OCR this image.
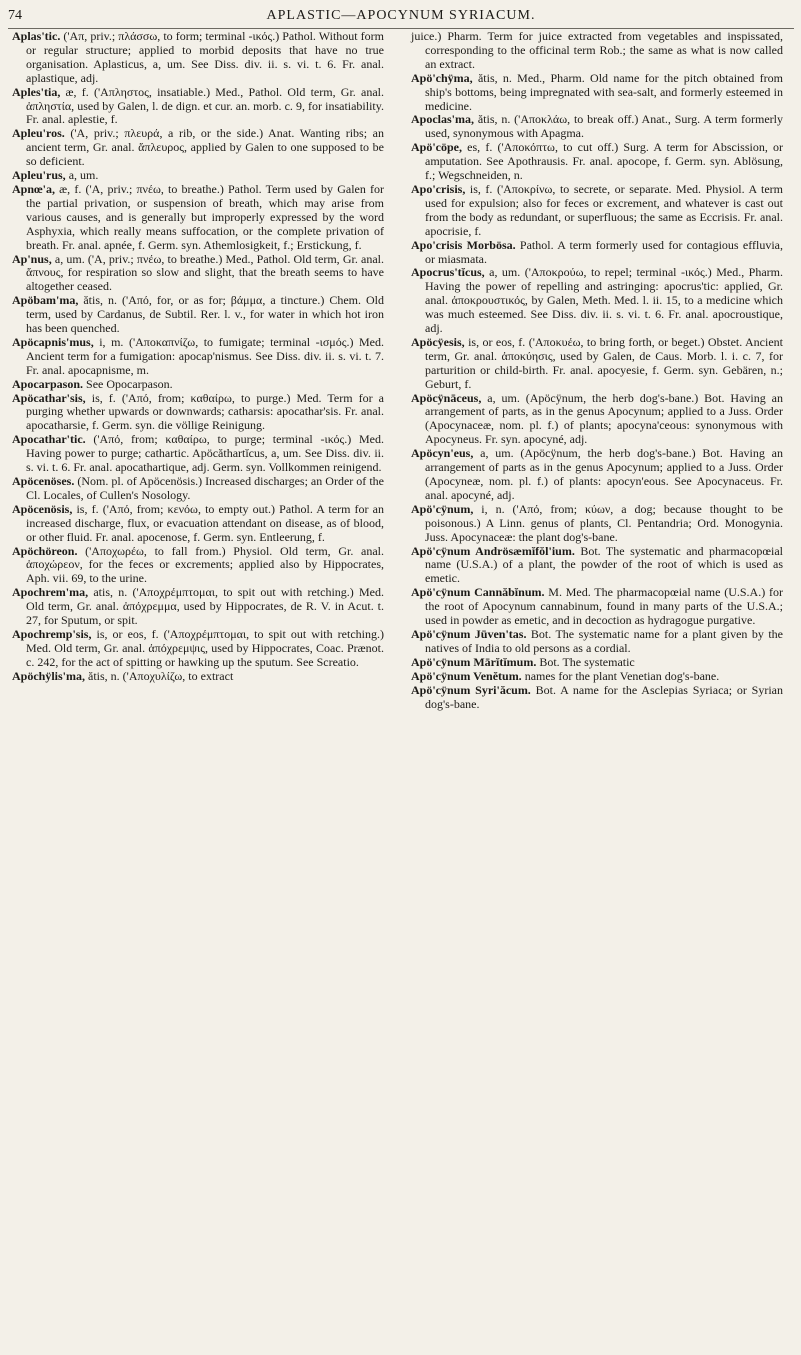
74	APLASTIC—APOCYNUM SYRIACUM.

Aplas'tic. ('Aπ, priv.; πλάσσω, to form; terminal -ικός.) Pathol. Without form or regular structure; applied to morbid deposits that have no true organisation. Aplasticus, a, um. See Diss. div. ii. s. vi. t. 6. Fr. anal. aplastique, adj.

Aples'tia, æ, f. ('Aπληστος, insatiable.) Med., Pathol. Old term, Gr. anal. ἀπληστία, used by Galen, l. de dign. et cur. an. morb. c. 9, for insatiability. Fr. anal. aplestie, f.

Apleu'ros. ('A, priv.; πλευρά, a rib, or the side.) Anat. Wanting ribs; an ancient term, Gr. anal. ἄπλευρος, applied by Galen to one supposed to be so deficient.

Apleu'rus, a, um.

Apnœ'a, æ, f. ('A, priv.; πνέω, to breathe.) Pathol. Term used by Galen for the partial privation, or suspension of breath, which may arise from various causes, and is generally but improperly expressed by the word Asphyxia, which really means suffocation, or the complete privation of breath. Fr. anal. apnée, f. Germ. syn. Athemlosigkeit, f.; Erstickung, f.

Ap'nus, a, um. ('A, priv.; πνέω, to breathe.) Med., Pathol. Old term, Gr. anal. ἄπνους, for respiration so slow and slight, that the breath seems to have altogether ceased.

Apöbam'ma, ătis, n. ('Aπό, for, or as for; βάμμα, a tincture.) Chem. Old term, used by Cardanus, de Subtil. Rer. l. v., for water in which hot iron has been quenched.

Apöcapnis'mus, i, m. ('Aποκαπνίζω, to fumigate; terminal -ισμός.) Med. Ancient term for a fumigation: apocap'nismus. See Diss. div. ii. s. vi. t. 7. Fr. anal. apocapnisme, m.

Apocarpason. See Opocarpason.

Apöcathar'sis, is, f. ('Aπό, from; καθαίρω, to purge.) Med. Term for a purging whether upwards or downwards; catharsis: apocathar'sis. Fr. anal. apocatharsie, f. Germ. syn. die völlige Reinigung.

Apocathar'tic. ('Aπό, from; καθαίρω, to purge; terminal -ικός.) Med. Having power to purge; cathartic. Apöcăthartĭcus, a, um. See Diss. div. ii. s. vi. t. 6. Fr. anal. apocathartique, adj. Germ. syn. Vollkommen reinigend.

Apöcenöses. (Nom. pl. of Apöcenösis.) Increased discharges; an Order of the Cl. Locales, of Cullen's Nosology.

Apöcenösis, is, f. ('Aπό, from; κενόω, to empty out.) Pathol. A term for an increased discharge, flux, or evacuation attendant on disease, as of blood, or other fluid. Fr. anal. apocenose, f. Germ. syn. Entleerung, f.

Apöchöreon. ('Aποχωρέω, to fall from.) Physiol. Old term, Gr. anal. ἀποχώρεον, for the feces or excrements; applied also by Hippocrates, Aph. vii. 69, to the urine.

Apochrem'ma, atis, n. ('Aποχρέμπτομαι, to spit out with retching.) Med. Old term, Gr. anal. ἀπόχρεμμα, used by Hippocrates, de R. V. in Acut. t. 27, for Sputum, or spit.

Apochremp'sis, is, or eos, f. ('Aποχρέμπτομαι, to spit out with retching.) Med. Old term, Gr. anal. ἀπόχρεμψις, used by Hippocrates, Coac. Prænot. c. 242, for the act of spitting or hawking up the sputum. See Screatio.

Apöchÿlis'ma, ătis, n. ('Aποχυλίζω, to extract

juice.) Pharm. Term for juice extracted from vegetables and inspissated, corresponding to the officinal term Rob.; the same as what is now called an extract.

Apö'chÿma, ătis, n. Med., Pharm. Old name for the pitch obtained from ship's bottoms, being impregnated with sea-salt, and formerly esteemed in medicine.

Apoclas'ma, ătis, n. ('Aποκλάω, to break off.) Anat., Surg. A term formerly used, synonymous with Apagma.

Apö'cöpe, es, f. ('Aποκόπτω, to cut off.) Surg. A term for Abscission, or amputation. See Apothrausis. Fr. anal. apocope, f. Germ. syn. Ablösung, f.; Wegschneiden, n.

Apo'crisis, is, f. ('Aποκρίνω, to secrete, or separate. Med. Physiol. A term used for expulsion; also for feces or excrement, and whatever is cast out from the body as redundant, or superfluous; the same as Eccrisis. Fr. anal. apocrisie, f.

Apo'crisis Morbösa. Pathol. A term formerly used for contagious effluvia, or miasmata.

Apocrus'tĭcus, a, um. ('Aποκρούω, to repel; terminal -ικός.) Med., Pharm. Having the power of repelling and astringing: apocrus'tic: applied, Gr. anal. ἀποκρουστικός, by Galen, Meth. Med. l. ii. 15, to a medicine which was much esteemed. See Diss. div. ii. s. vi. t. 6. Fr. anal. apocroustique, adj.

Apöcÿesis, is, or eos, f. ('Aποκυέω, to bring forth, or beget.) Obstet. Ancient term, Gr. anal. ἀποκύησις, used by Galen, de Caus. Morb. l. i. c. 7, for parturition or child-birth. Fr. anal. apocyesie, f. Germ. syn. Gebären, n.; Geburt, f.

Apöcÿnāceus, a, um. (Apöcÿnum, the herb dog's-bane.) Bot. Having an arrangement of parts, as in the genus Apocynum; applied to a Juss. Order (Apocynaceæ, nom. pl. f.) of plants; apocyna'ceous: synonymous with Apocyneus. Fr. syn. apocyné, adj.

Apöcyn'eus, a, um. (Apöcÿnum, the herb dog's-bane.) Bot. Having an arrangement of parts as in the genus Apocynum; applied to a Juss. Order (Apocyneæ, nom. pl. f.) of plants: apocyn'eous. See Apocynaceus. Fr. anal. apocyné, adj.

Apö'cÿnum, i, n. ('Aπό, from; κύων, a dog; because thought to be poisonous.) A Linn. genus of plants, Cl. Pentandria; Ord. Monogynia. Juss. Apocynaceæ: the plant dog's-bane.

Apö'cÿnum Andrösæmĭfŏl'ium. Bot. The systematic and pharmacopœial name (U.S.A.) of a plant, the powder of the root of which is used as emetic.

Apö'cÿnum Cannăbĭnum. M. Med. The pharmacopœial name (U.S.A.) for the root of Apocynum cannabinum, found in many parts of the U.S.A.; used in powder as emetic, and in decoction as hydragogue purgative.

Apö'cÿnum Jūven'tas. Bot. The systematic name for a plant given by the natives of India to old persons as a cordial.

Apö'cÿnum Mārĭtĭmum. Bot. The systematic

Apö'cÿnum Venĕtum. names for the plant Venetian dog's-bane.

Apö'cÿnum Syri'ăcum. Bot. A name for the Asclepias Syriaca; or Syrian dog's-bane.
